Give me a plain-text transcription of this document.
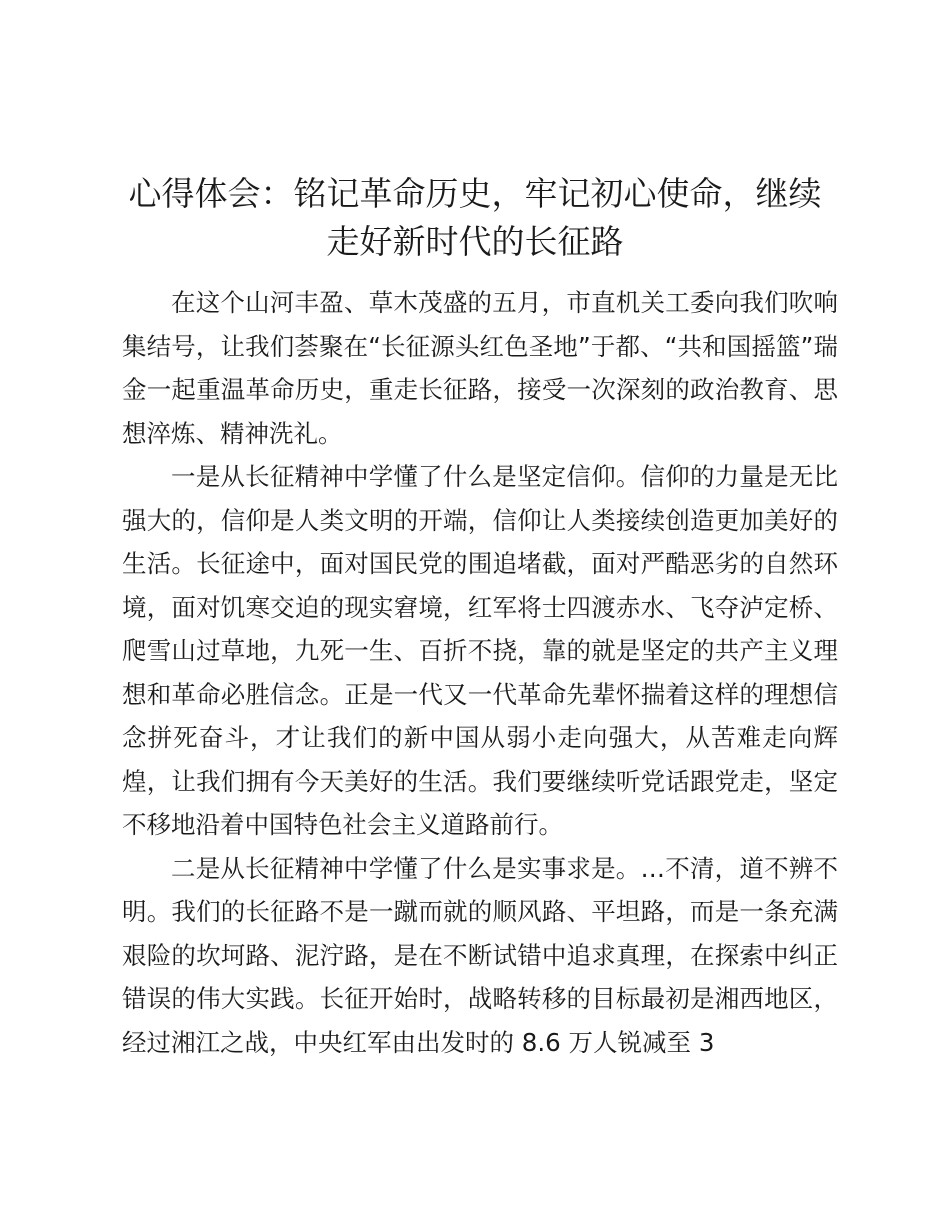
心得体会：铭记革命历史，牢记初心使命，继续走好新时代的长征路

在这个山河丰盈、草木茂盛的五月，市直机关工委向我们吹响集结号，让我们荟聚在“长征源头红色圣地”于都、“共和国摇篮”瑞金一起重温革命历史，重走长征路，接受一次深刻的政治教育、思想淬炼、精神洗礼。

一是从长征精神中学懂了什么是坚定信仰。信仰的力量是无比强大的，信仰是人类文明的开端，信仰让人类接续创造更加美好的生活。长征途中，面对国民党的围追堵截，面对严酷恶劣的自然环境，面对饥寒交迫的现实窘境，红军将士四渡赤水、飞夺泸定桥、爬雪山过草地，九死一生、百折不挠，靠的就是坚定的共产主义理想和革命必胜信念。正是一代又一代革命先辈怀揣着这样的理想信念拼死奋斗，才让我们的新中国从弱小走向强大，从苦难走向辉煌，让我们拥有今天美好的生活。我们要继续听党话跟党走，坚定不移地沿着中国特色社会主义道路前行。

二是从长征精神中学懂了什么是实事求是。…不清，道不辨不明。我们的长征路不是一蹴而就的顺风路、平坦路，而是一条充满艰险的坎坷路、泥泞路，是在不断试错中追求真理，在探索中纠正错误的伟大实践。长征开始时，战略转移的目标最初是湘西地区，经过湘江之战，中央红军由出发时的 8.6 万人锐减至 3
